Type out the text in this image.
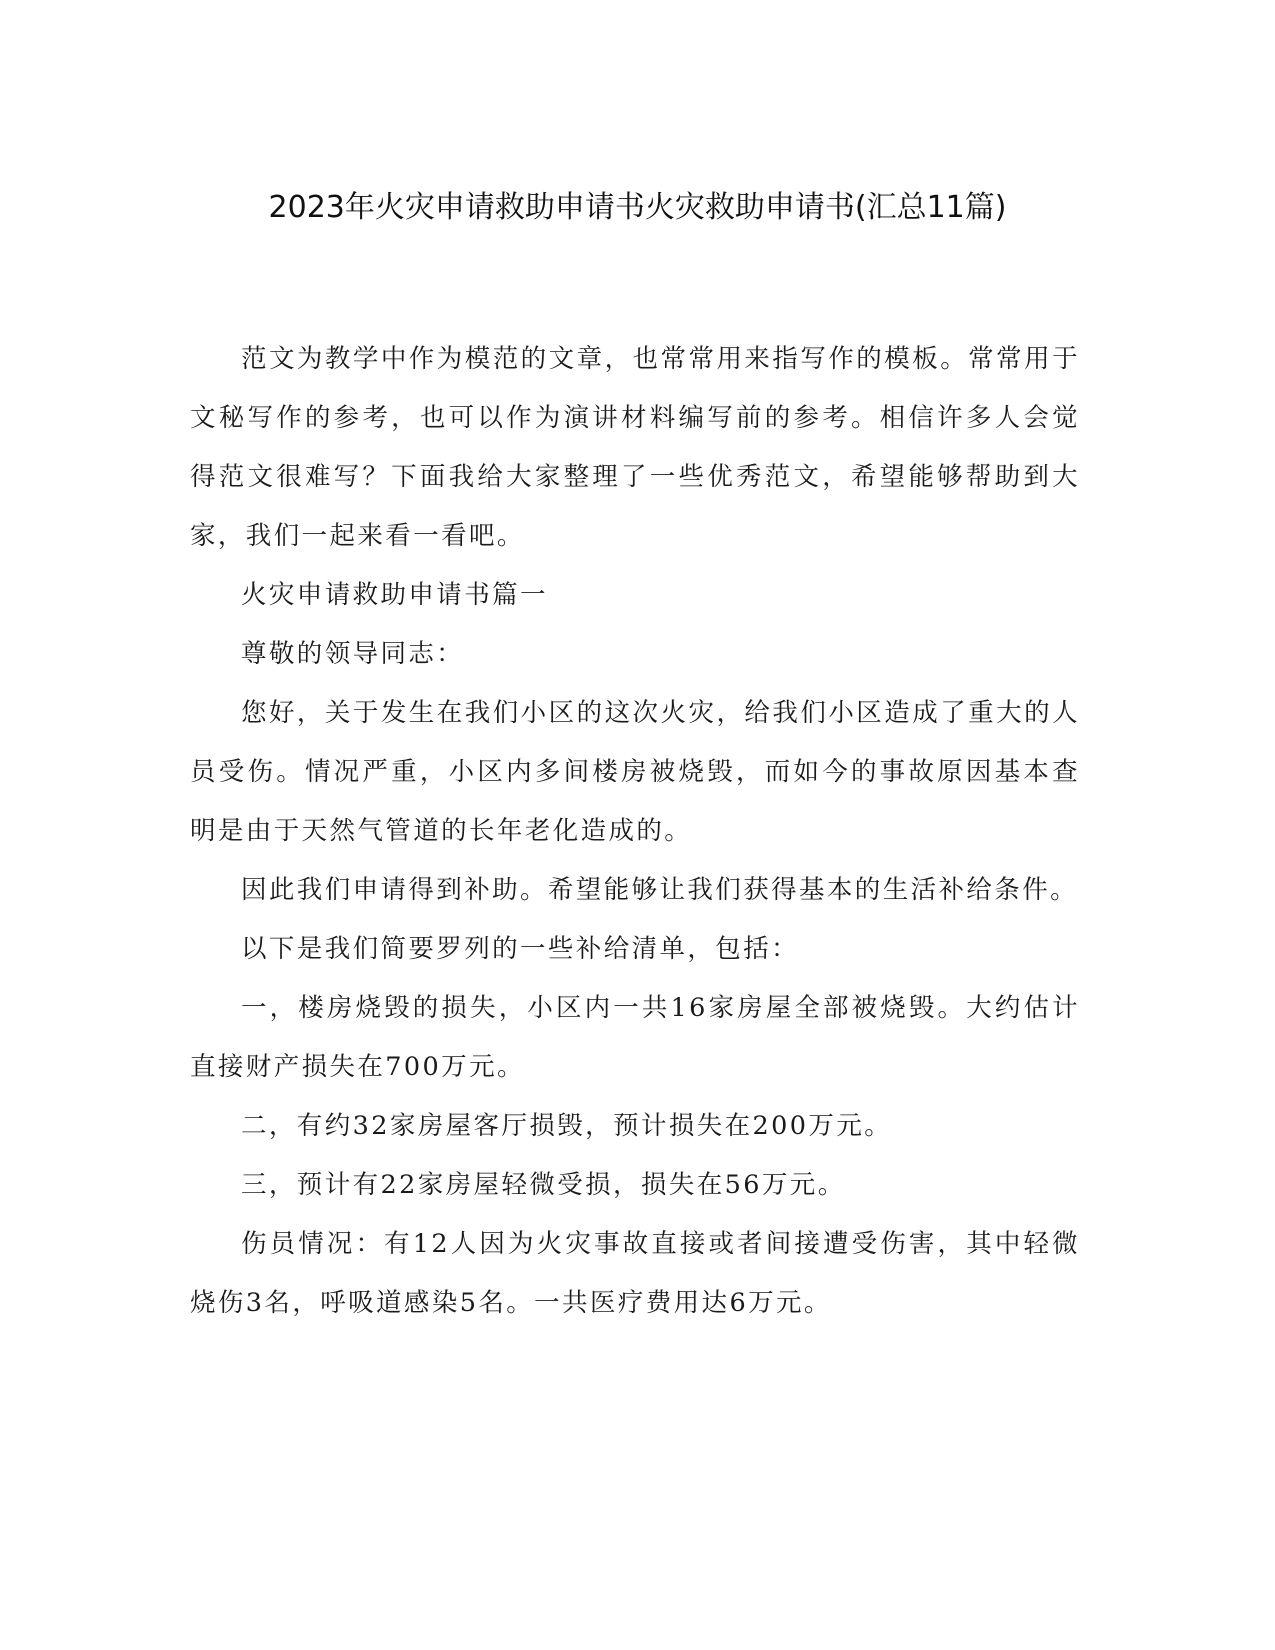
2023年火灾申请救助申请书火灾救助申请书(汇总11篇)

范文为教学中作为模范的文章，也常常用来指写作的模板。常常用于文秘写作的参考，也可以作为演讲材料编写前的参考。相信许多人会觉得范文很难写？下面我给大家整理了一些优秀范文，希望能够帮助到大家，我们一起来看一看吧。

火灾申请救助申请书篇一

尊敬的领导同志：

您好，关于发生在我们小区的这次火灾，给我们小区造成了重大的人员受伤。情况严重，小区内多间楼房被烧毁，而如今的事故原因基本查明是由于天然气管道的长年老化造成的。

因此我们申请得到补助。希望能够让我们获得基本的生活补给条件。

以下是我们简要罗列的一些补给清单，包括：

一，楼房烧毁的损失，小区内一共16家房屋全部被烧毁。大约估计直接财产损失在700万元。

二，有约32家房屋客厅损毁，预计损失在200万元。

三，预计有22家房屋轻微受损，损失在56万元。

伤员情况：有12人因为火灾事故直接或者间接遭受伤害，其中轻微烧伤3名，呼吸道感染5名。一共医疗费用达6万元。
